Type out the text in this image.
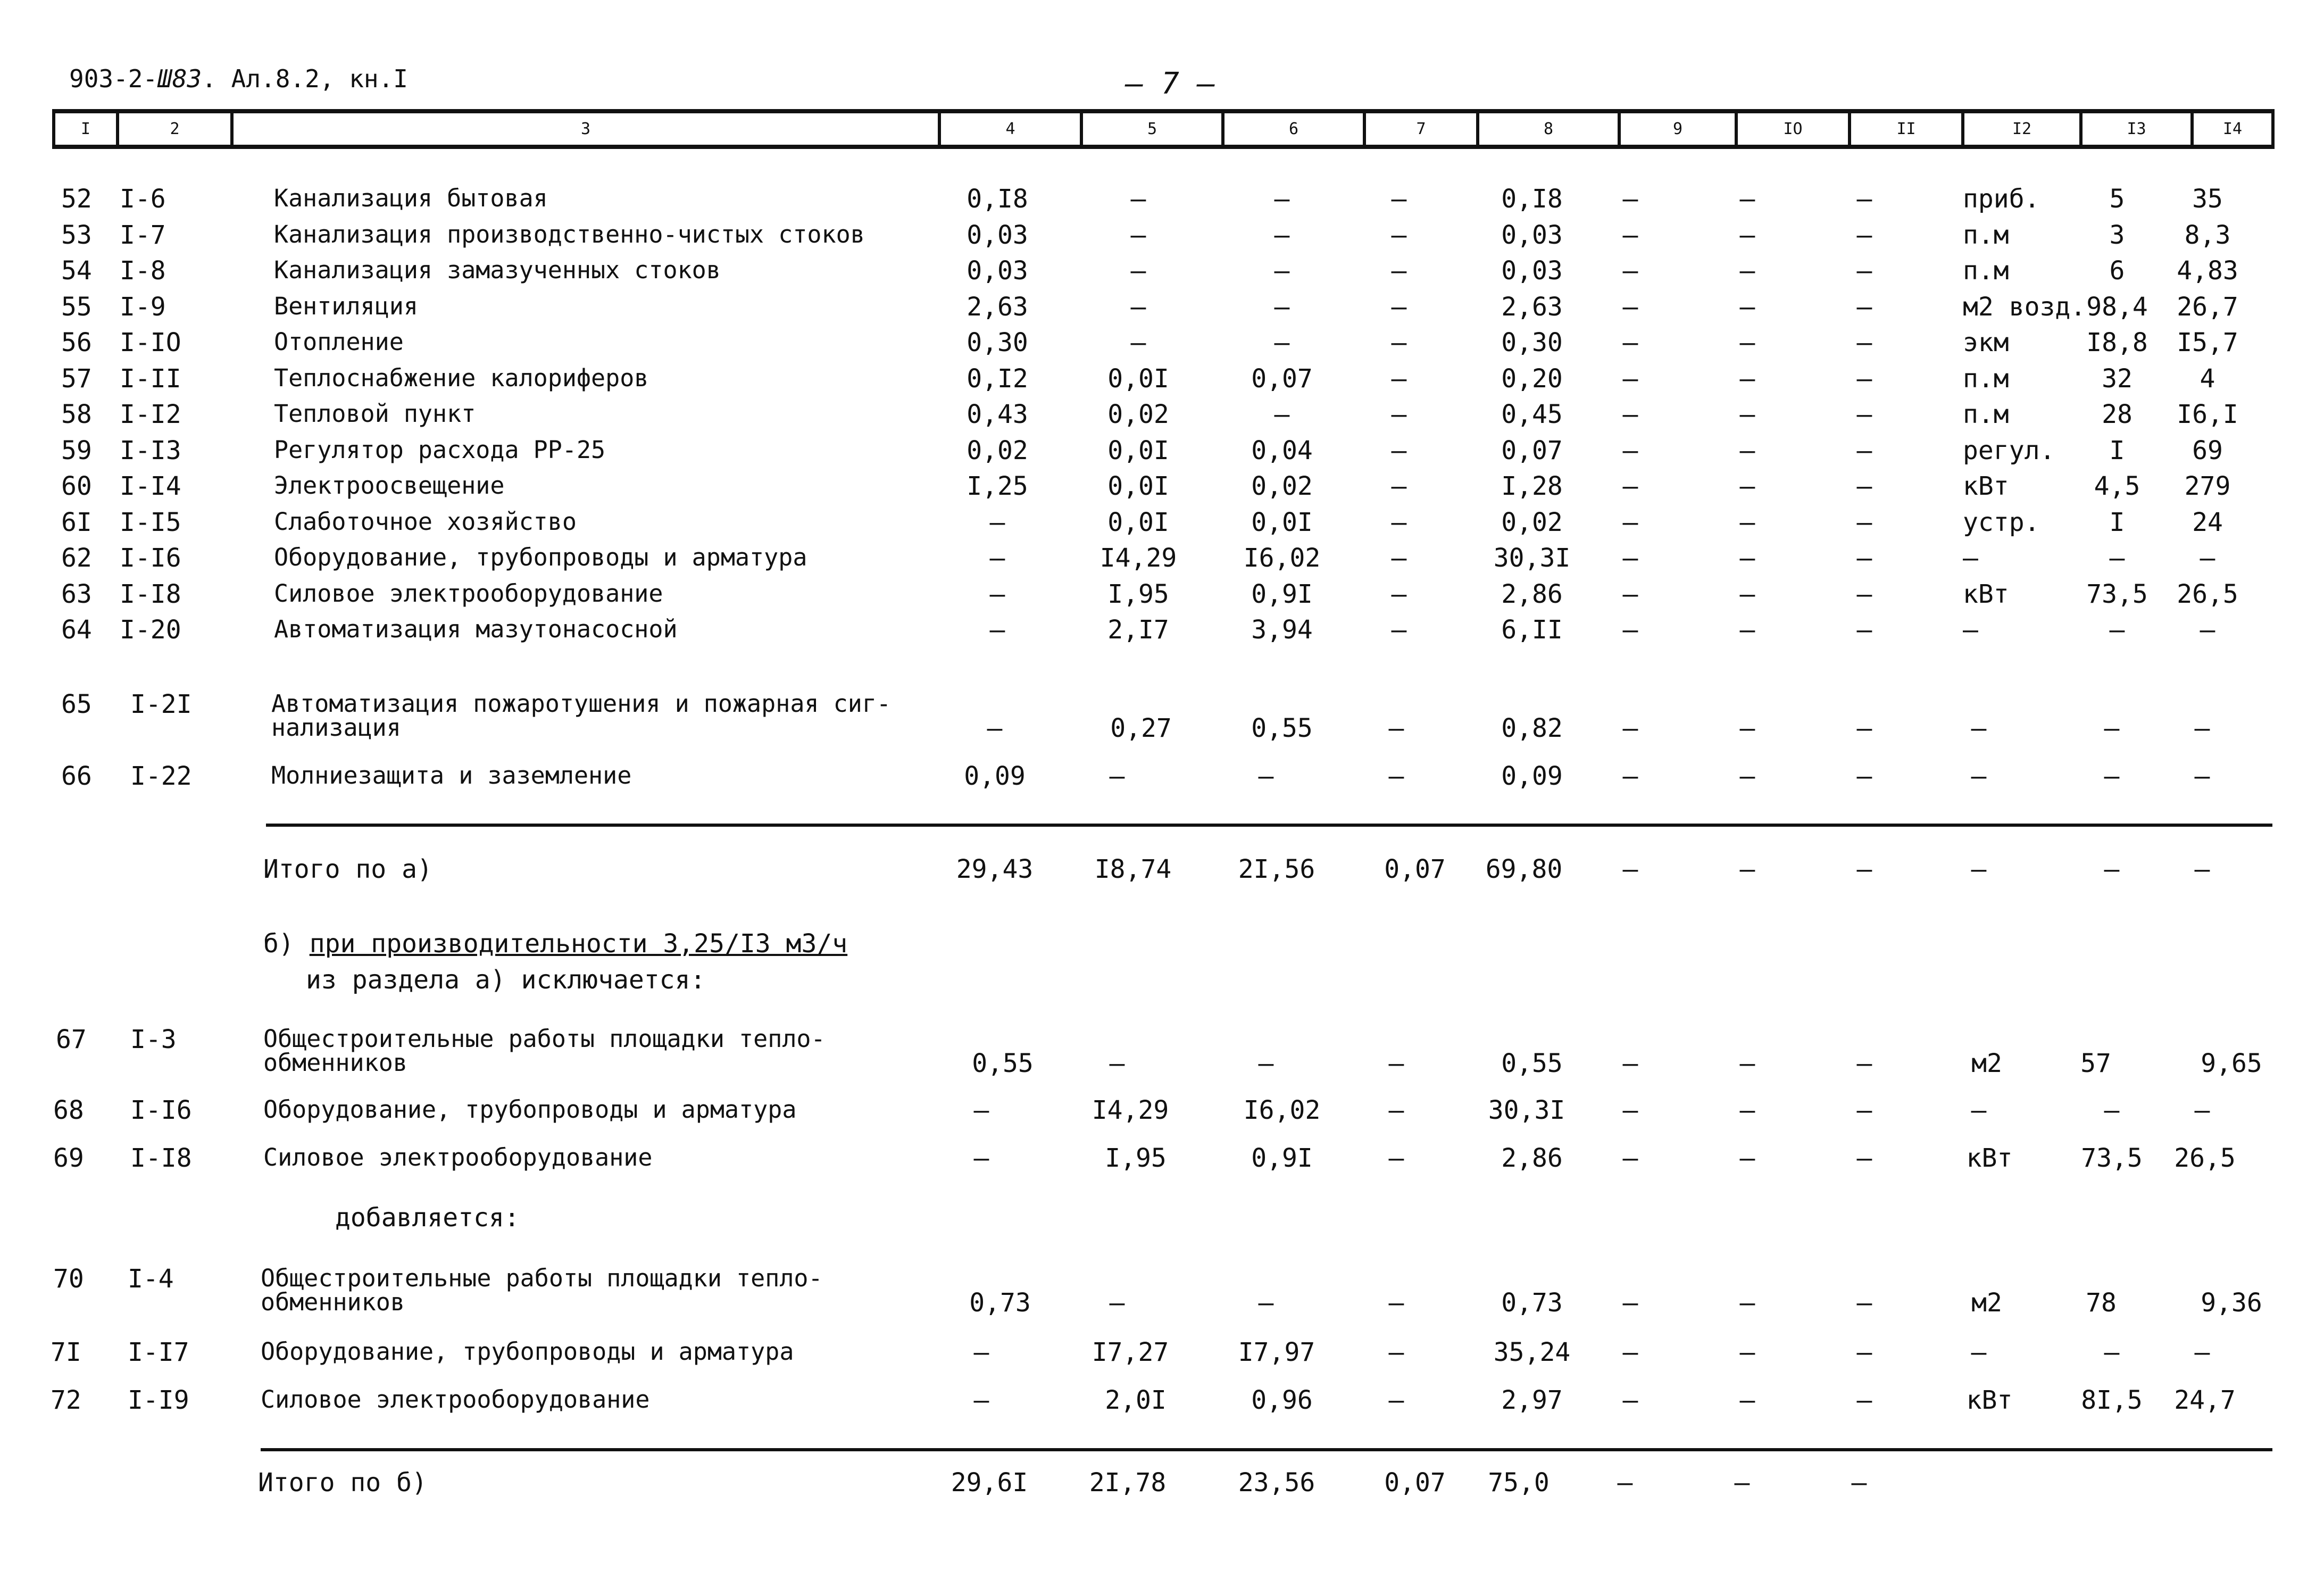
903-2-Ш83. Ал.8.2, кн.I	— 7 —
I	2	3	4	5	6	7	8	9	IO	II	I2	I3	I4
52 I-6	Канализация бытовая	0,I8	–	–	–	0,I8 –	–	–	приб.	5	35
53 I-7	Канализация производственно-чистых стоков	0,03	–	–	–	0,03 –	–	–	п.м	3 8,3
54 I-8	Канализация замазученных стоков	0,03	–	–	–	0,03 –	–	–	п.м	6 4,83
55 I-9	Вентиляция	2,63	–	–	–	2,63 –	–	–	м2 возд. 98,4 26,7
56 I-IO	Отопление	0,30	–	–	–	0,30 –	–	–	экм	I8,8 I5,7
57 I-II	Теплоснабжение калориферов	0,I2	0,0I	0,07	–	0,20 –	–	–	п.м	32	4
58 I-I2	Тепловой пункт	0,43	0,02	–	–	0,45 –	–	–	п.м	28 I6,I
59 I-I3	Регулятор расхода РР-25	0,02	0,0I	0,04	–	0,07 –	–	–	регул. I	69
60 I-I4	Электроосвещение	I,25	0,0I	0,02	–	I,28 –	–	–	кВт	4,5 279
6I I-I5	Слаботочное хозяйство	–	0,0I	0,0I	–	0,02 –	–	–	устр.	I	24
62 I-I6	Оборудование, трубопроводы и арматура	–	I4,29	I6,02	–	30,3I –	–	–	–	–	–
63 I-I8	Силовое электрооборудование	–	I,95	0,9I	–	2,86 –	–	–	кВт	73,5 26,5
64 I-20	Автоматизация мазутонасосной	–	2,I7	3,94	–	6,II –	–	–	–	–	–
65 I-2I	Автоматизация пожаротушения и пожарная сиг-
нализация	–	0,27	0,55	–	0,82 –	–	–	–	–	–
66 I-22	Молниезащита и заземление	0,09	–	–	–	0,09 –	–	–	–	–	–
Итого по а)	29,43 I8,74	2I,56	0,07 69,80 –	–	–	–	–	–
б) при производительности 3,25/I3 м3/ч
из раздела а) исключается:
67 I-3	Общестроительные работы площадки тепло-
обменников	0,55	–	–	–	0,55 –	–	–	м2	57	9,65
68 I-I6	Оборудование, трубопроводы и арматура	–	I4,29	I6,02	–	30,3I –	–	–	–	–	–
69 I-I8	Силовое электрооборудование	–	I,95	0,9I	–	2,86 –	–	–	кВт	73,5 26,5
добавляется:
70 I-4	Общестроительные работы площадки тепло-
обменников	0,73	–	–	–	0,73 –	–	–	м2	78	9,36
7I I-I7	Оборудование, трубопроводы и арматура	–	I7,27	I7,97	–	35,24 –	–	–	–	–	–
72 I-I9	Силовое электрооборудование	–	2,0I	0,96	–	2,97 –	–	–	кВт	8I,5 24,7
Итого по б)	29,6I 2I,78	23,56	0,07 75,0	–	–	–
